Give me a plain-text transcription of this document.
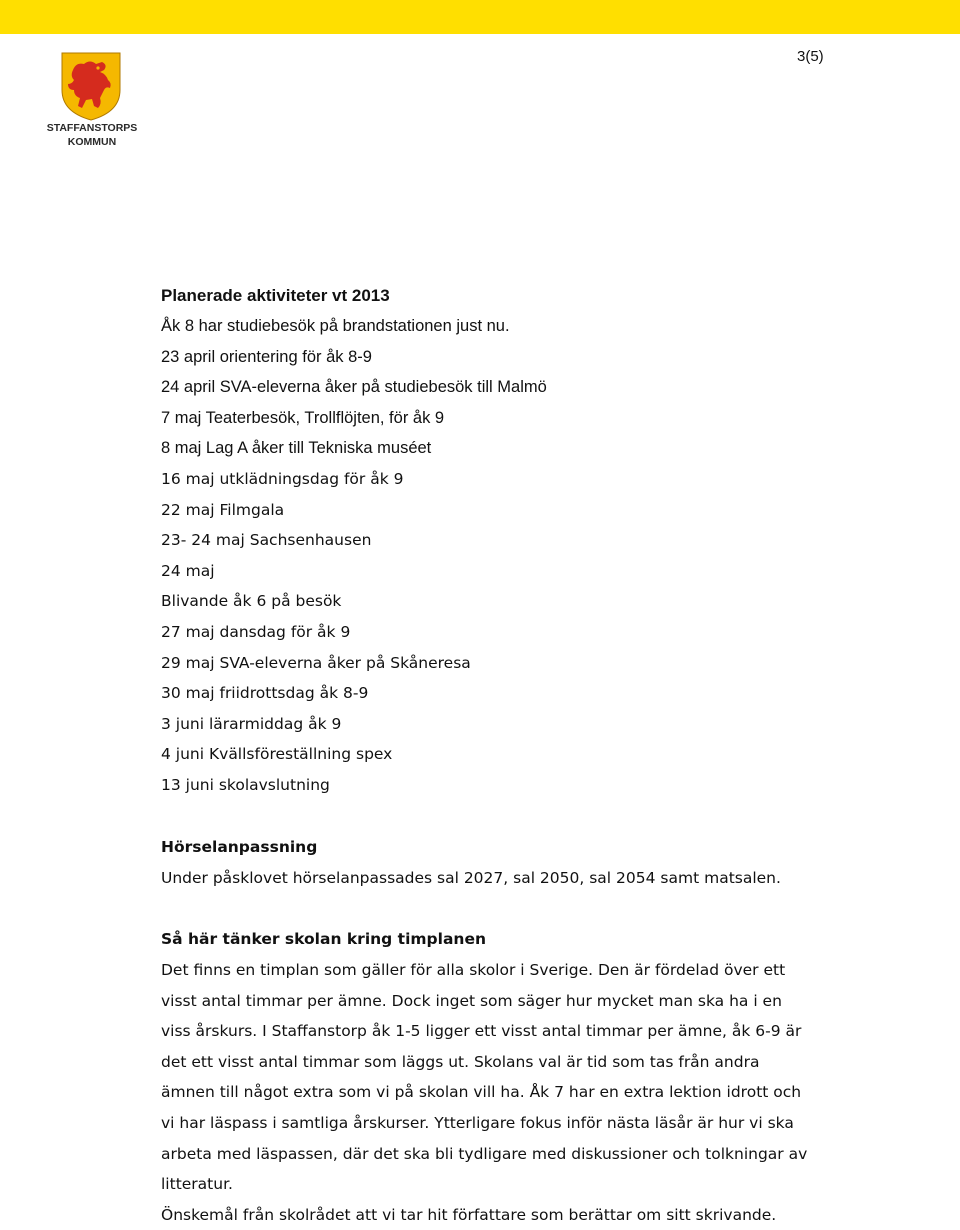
3(5)
STAFFANSTORPS
KOMMUN
Planerade aktiviteter vt 2013
Åk 8 har studiebesök på brandstationen just nu.
23 april orientering för åk 8-9
24 april SVA-eleverna åker på studiebesök till Malmö
7 maj Teaterbesök, Trollflöjten, för åk 9
8 maj Lag A åker till Tekniska muséet
16 maj utklädningsdag för åk 9
22 maj Filmgala
23- 24 maj Sachsenhausen
24 maj
Blivande åk 6 på besök
27 maj dansdag för åk 9
29 maj SVA-eleverna åker på Skåneresa
30 maj friidrottsdag åk 8-9
3 juni lärarmiddag åk 9
4 juni Kvällsföreställning spex
13 juni skolavslutning
Hörselanpassning
Under påsklovet hörselanpassades sal 2027, sal 2050, sal 2054 samt matsalen.
Så här tänker skolan kring timplanen
Det finns en timplan som gäller för alla skolor i Sverige. Den är fördelad över ett
visst antal timmar per ämne. Dock inget som säger hur mycket man ska ha i en
viss årskurs. I Staffanstorp åk 1-5 ligger ett visst antal timmar per ämne, åk 6-9 är
det ett visst antal timmar som läggs ut. Skolans val är tid som tas från andra
ämnen till något extra som vi på skolan vill ha. Åk 7 har en extra lektion idrott och
vi har läspass i samtliga årskurser. Ytterligare fokus inför nästa läsår är hur vi ska
arbeta med läspassen, där det ska bli tydligare med diskussioner och tolkningar av
litteratur.
Önskemål från skolrådet att vi tar hit författare som berättar om sitt skrivande.
